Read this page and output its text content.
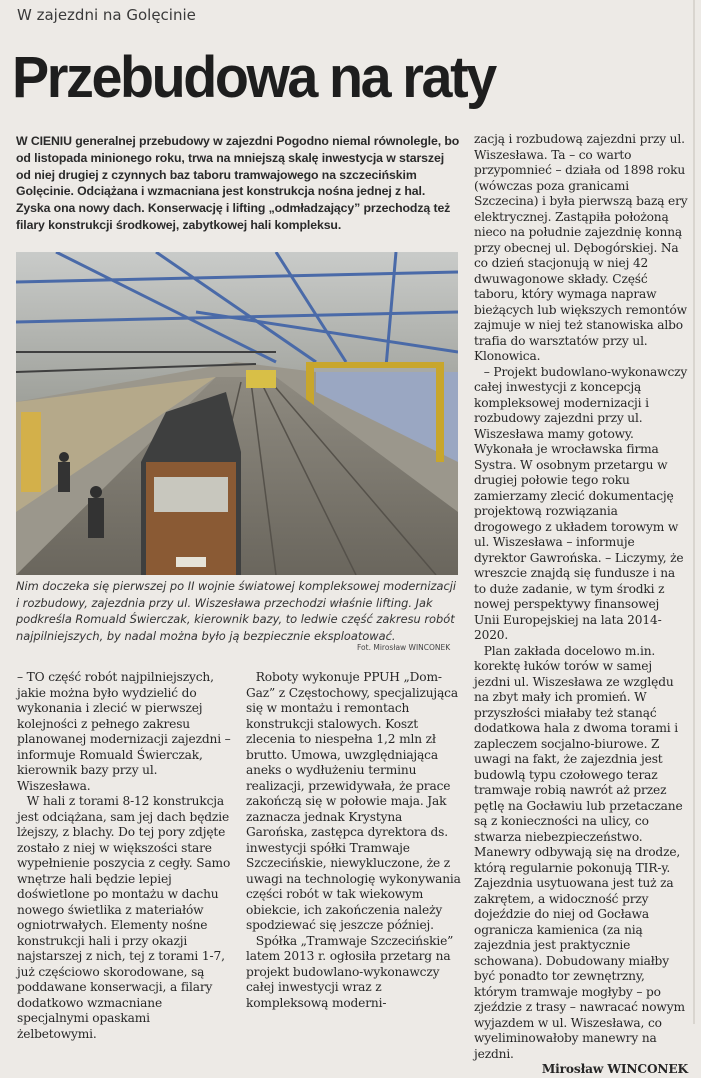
W zajezdni na Golęcinie
Przebudowa na raty
W CIENIU generalnej przebudowy w zajezdni Pogodno niemal równolegle, bo od listopada minionego roku, trwa na mniejszą skalę inwestycja w starszej od niej drugiej z czynnych baz taboru tramwajowego na szczecińskim Golęcinie. Odciążana i wzmacniana jest konstrukcja nośna jednej z hal. Zyska ona nowy dach. Konserwację i lifting „odmładzający” przechodzą też filary konstrukcji środkowej, zabytkowej hali kompleksu.
Nim doczeka się pierwszej po II wojnie światowej kompleksowej modernizacji i rozbudowy, zajezdnia przy ul. Wiszesława przechodzi właśnie lifting. Jak podkreśla Romuald Świerczak, kierownik bazy, to ledwie część zakresu robót najpilniejszych, by nadal można było ją bezpiecznie eksploatować.
Fot. Mirosław WINCONEK

– TO część robót najpilniejszych, jakie można było wydzielić do wykonania i zlecić w pierwszej kolejności z pełnego zakresu planowanej modernizacji zajezdni – informuje Romuald Świerczak, kierownik bazy przy ul. Wiszesława.

W hali z torami 8-12 konstrukcja jest odciążana, sam jej dach będzie lżejszy, z blachy. Do tej pory zdjęte zostało z niej w większości stare wypełnienie poszycia z cegły. Samo wnętrze hali będzie lepiej doświetlone po montażu w dachu nowego świetlika z materiałów ogniotrwałych. Elementy nośne konstrukcji hali i przy okazji najstarszej z nich, tej z torami 1-7, już częściowo skorodowane, są poddawane konserwacji, a filary dodatkowo wzmacniane specjalnymi opaskami żelbetowymi.

Roboty wykonuje PPUH „Dom-Gaz” z Częstochowy, specjalizująca się w montażu i remontach konstrukcji stalowych. Koszt zlecenia to niespełna 1,2 mln zł brutto. Umowa, uwzględniająca aneks o wydłużeniu terminu realizacji, przewidywała, że prace zakończą się w połowie maja. Jak zaznacza jednak Krystyna Garońska, zastępca dyrektora ds. inwestycji spółki Tramwaje Szczecińskie, niewykluczone, że z uwagi na technologię wykonywania części robót w tak wiekowym obiekcie, ich zakończenia należy spodziewać się jeszcze później.

Spółka „Tramwaje Szczecińskie” latem 2013 r. ogłosiła przetarg na projekt budowlano-wykonawczy całej inwestycji wraz z kompleksową moderni-

zacją i rozbudową zajezdni przy ul. Wiszesława. Ta – co warto przypomnieć – działa od 1898 roku (wówczas poza granicami Szczecina) i była pierwszą bazą ery elektrycznej. Zastąpiła położoną nieco na południe zajezdnię konną przy obecnej ul. Dębogórskiej. Na co dzień stacjonują w niej 42 dwuwagonowe składy. Część taboru, który wymaga napraw bieżących lub większych remontów zajmuje w niej też stanowiska albo trafia do warsztatów przy ul. Klonowica.

– Projekt budowlano-wykonawczy całej inwestycji z koncepcją kompleksowej modernizacji i rozbudowy zajezdni przy ul. Wiszesława mamy gotowy. Wykonała je wrocławska firma Systra. W osobnym przetargu w drugiej połowie tego roku zamierzamy zlecić dokumentację projektową rozwiązania drogowego z układem torowym w ul. Wiszesława – informuje dyrektor Gawrońska. – Liczymy, że wreszcie znajdą się fundusze i na to duże zadanie, w tym środki z nowej perspektywy finansowej Unii Europejskiej na lata 2014-2020.

Plan zakłada docelowo m.in. korektę łuków torów w samej jezdni ul. Wiszesława ze względu na zbyt mały ich promień. W przyszłości miałaby też stanąć dodatkowa hala z dwoma torami i zapleczem socjalno-biurowe. Z uwagi na fakt, że zajezdnia jest budowlą typu czołowego teraz tramwaje robią nawrót aż przez pętlę na Gocławiu lub przetaczane są z konieczności na ulicy, co stwarza niebezpieczeństwo. Manewry odbywają się na drodze, którą regularnie pokonują TIR-y. Zajezdnia usytuowana jest tuż za zakrętem, a widoczność przy dojeździe do niej od Gocława ogranicza kamienica (za nią zajezdnia jest praktycznie schowana). Dobudowany miałby być ponadto tor zewnętrzny, którym tramwaje mogłyby – po zjeździe z trasy – nawracać nowym wyjazdem w ul. Wiszesława, co wyeliminowałoby manewry na jezdni.

Mirosław WINCONEK
